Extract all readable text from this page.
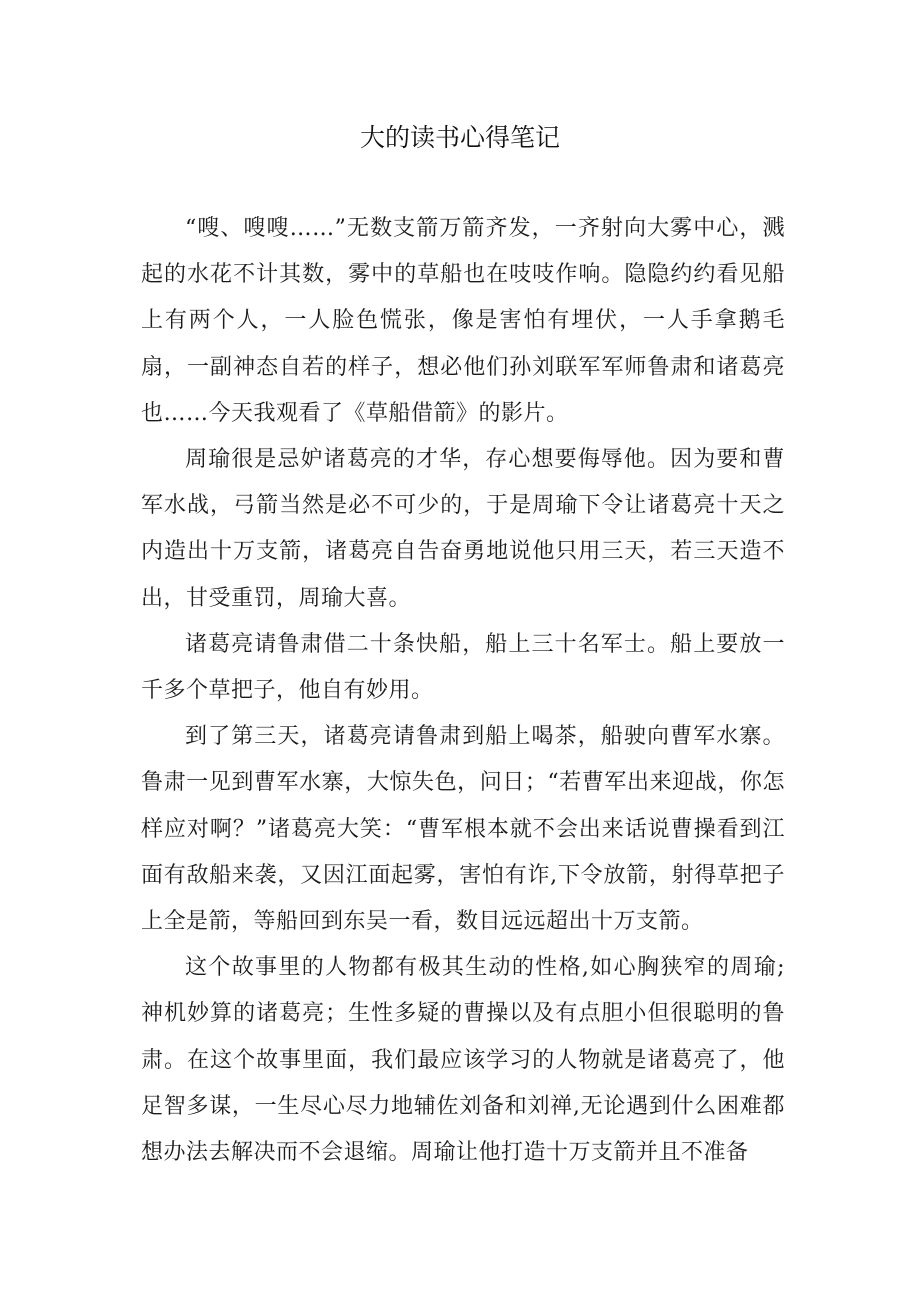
大的读书心得笔记

“嗖、嗖嗖……”无数支箭万箭齐发，一齐射向大雾中心，溅起的水花不计其数，雾中的草船也在吱吱作响。隐隐约约看见船上有两个人，一人脸色慌张，像是害怕有埋伏，一人手拿鹅毛扇，一副神态自若的样子，想必他们孙刘联军军师鲁肃和诸葛亮也……今天我观看了《草船借箭》的影片。

周瑜很是忌妒诸葛亮的才华，存心想要侮辱他。因为要和曹军水战，弓箭当然是必不可少的，于是周瑜下令让诸葛亮十天之内造出十万支箭，诸葛亮自告奋勇地说他只用三天，若三天造不出，甘受重罚，周瑜大喜。

诸葛亮请鲁肃借二十条快船，船上三十名军士。船上要放一千多个草把子，他自有妙用。

到了第三天，诸葛亮请鲁肃到船上喝茶，船驶向曹军水寨。鲁肃一见到曹军水寨，大惊失色，问日；“若曹军出来迎战，你怎样应对啊？”诸葛亮大笑：“曹军根本就不会出来话说曹操看到江面有敌船来袭，又因江面起雾，害怕有诈,下令放箭，射得草把子上全是箭，等船回到东吴一看，数目远远超出十万支箭。

这个故事里的人物都有极其生动的性格,如心胸狭窄的周瑜;神机妙算的诸葛亮；生性多疑的曹操以及有点胆小但很聪明的鲁肃。在这个故事里面，我们最应该学习的人物就是诸葛亮了，他足智多谋，一生尽心尽力地辅佐刘备和刘禅,无论遇到什么困难都想办法去解决而不会退缩。周瑜让他打造十万支箭并且不准备
